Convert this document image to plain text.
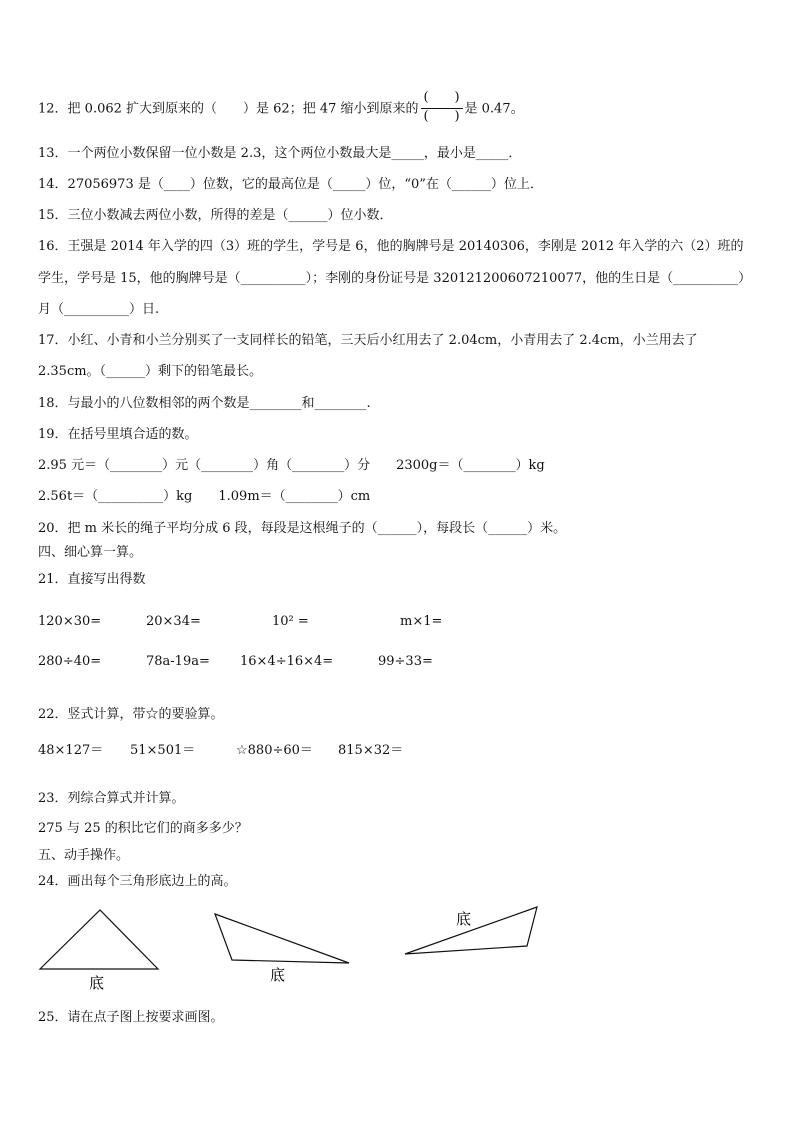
12．把 0.062 扩大到原来的（　　）是 62；把 47 缩小到原来的 $\frac{( )}{( )}$ 是 0.47。
13．一个两位小数保留一位小数是 2.3，这个两位小数最大是_____，最小是_____．
14．27056973 是（____）位数，它的最高位是（_____）位，“0”在（______）位上．
15．三位小数减去两位小数，所得的差是（______）位小数．
16．王强是 2014 年入学的四（3）班的学生，学号是 6，他的胸牌号是 20140306，李刚是 2012 年入学的六（2）班的
学生，学号是 15，他的胸牌号是（__________）；李刚的身份证号是 320121200607210077，他的生日是（__________）
月（__________）日.
17．小红、小青和小兰分别买了一支同样长的铅笔，三天后小红用去了 2.04cm，小青用去了 2.4cm，小兰用去了
2.35cm。（______）剩下的铅笔最长。
18．与最小的八位数相邻的两个数是________和________.
19．在括号里填合适的数。
2.95 元＝（________）元（________）角（________）分　　2300g＝（________）kg
2.56t＝（__________）kg　　1.09m＝（________）cm
20．把 m 米长的绳子平均分成 6 段，每段是这根绳子的（______），每段长（______）米。
四、细心算一算。
21．直接写出得数
120×30=	20×34=	10² =	m×1=
280÷40=	78a-19a= 16×4÷16×4=	99÷33=
22．竖式计算，带☆的要验算。
48×127＝ 51×501＝	☆880÷60＝ 815×32＝
23．列综合算式并计算。
275 与 25 的积比它们的商多多少？
五、动手操作。
24．画出每个三角形底边上的高。
底	底
底
25．请在点子图上按要求画图。
